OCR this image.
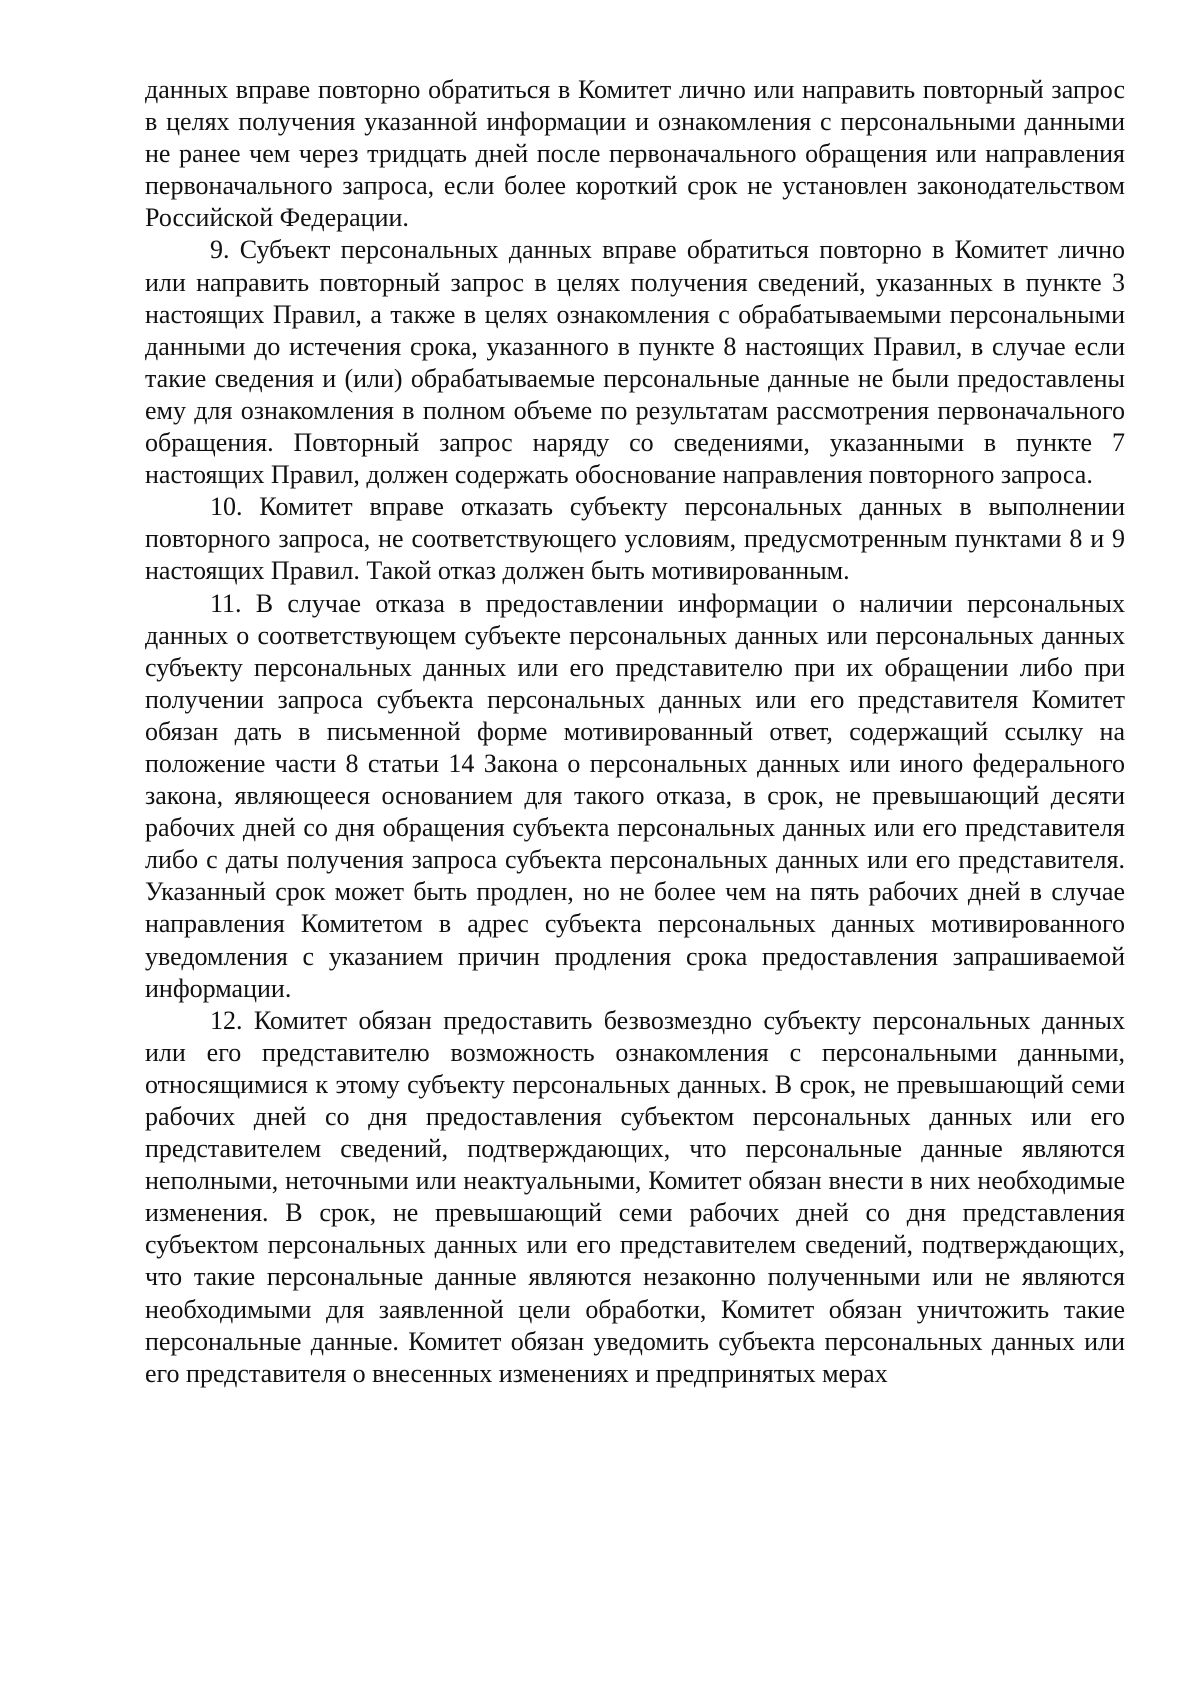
данных вправе повторно обратиться в Комитет лично или направить повторный запрос в целях получения указанной информации и ознакомления с персональными данными не ранее чем через тридцать дней после первоначального обращения или направления первоначального запроса, если более короткий срок не установлен законодательством Российской Федерации.

9. Субъект персональных данных вправе обратиться повторно в Комитет лично или направить повторный запрос в целях получения сведений, указанных в пункте 3 настоящих Правил, а также в целях ознакомления с обрабатываемыми персональными данными до истечения срока, указанного в пункте 8 настоящих Правил, в случае если такие сведения и (или) обрабатываемые персональные данные не были предоставлены ему для ознакомления в полном объеме по результатам рассмотрения первоначального обращения. Повторный запрос наряду со сведениями, указанными в пункте 7 настоящих Правил, должен содержать обоснование направления повторного запроса.

10. Комитет вправе отказать субъекту персональных данных в выполнении повторного запроса, не соответствующего условиям, предусмотренным пунктами 8 и 9 настоящих Правил. Такой отказ должен быть мотивированным.

11. В случае отказа в предоставлении информации о наличии персональных данных о соответствующем субъекте персональных данных или персональных данных субъекту персональных данных или его представителю при их обращении либо при получении запроса субъекта персональных данных или его представителя Комитет обязан дать в письменной форме мотивированный ответ, содержащий ссылку на положение части 8 статьи 14 Закона о персональных данных или иного федерального закона, являющееся основанием для такого отказа, в срок, не превышающий десяти рабочих дней со дня обращения субъекта персональных данных или его представителя либо с даты получения запроса субъекта персональных данных или его представителя. Указанный срок может быть продлен, но не более чем на пять рабочих дней в случае направления Комитетом в адрес субъекта персональных данных мотивированного уведомления с указанием причин продления срока предоставления запрашиваемой информации.

12. Комитет обязан предоставить безвозмездно субъекту персональных данных или его представителю возможность ознакомления с персональными данными, относящимися к этому субъекту персональных данных. В срок, не превышающий семи рабочих дней со дня предоставления субъектом персональных данных или его представителем сведений, подтверждающих, что персональные данные являются неполными, неточными или неактуальными, Комитет обязан внести в них необходимые изменения. В срок, не превышающий семи рабочих дней со дня представления субъектом персональных данных или его представителем сведений, подтверждающих, что такие персональные данные являются незаконно полученными или не являются необходимыми для заявленной цели обработки, Комитет обязан уничтожить такие персональные данные. Комитет обязан уведомить субъекта персональных данных или его представителя о внесенных изменениях и предпринятых мерах
